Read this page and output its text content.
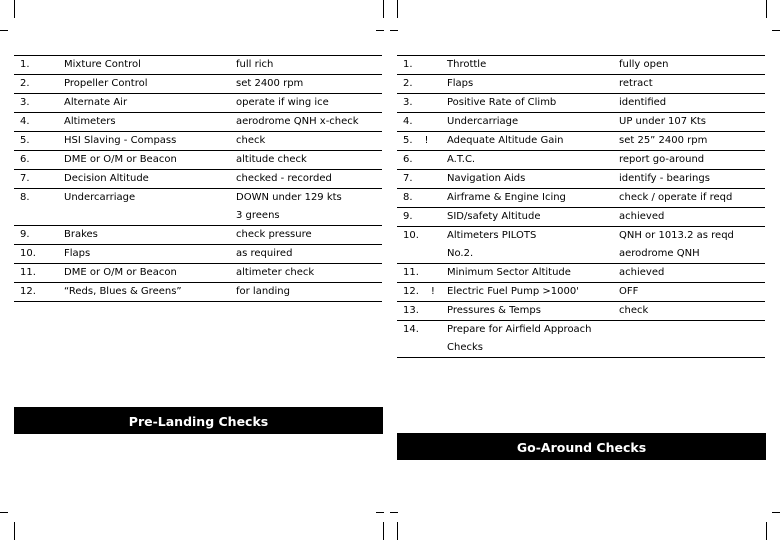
1.	Mixture Control	full rich

2.	Propeller Control	set 2400 rpm

3.	Alternate Air	operate if wing ice

4.	Altimeters	aerodrome QNH x-check

5.	HSI Slaving - Compass	check

6.	DME or O/M or Beacon	altitude check

7.	Decision Altitude	checked - recorded

8.	Undercarriage	DOWN under 129 kts
3 greens

9.	Brakes	check pressure

10.	Flaps	as required

11.	DME or O/M or Beacon	altimeter check

12.	“Reds, Blues & Greens”	for landing
Pre-Landing Checks
1.	Throttle	fully open

2.	Flaps	retract

3.	Positive Rate of Climb	identified

4.	Undercarriage	UP under 107 Kts

5. !	Adequate Altitude Gain	set 25” 2400 rpm

6.	A.T.C.	report go-around

7.	Navigation Aids	identify - bearings

8.	Airframe & Engine Icing	check / operate if reqd

9.	SID/safety Altitude	achieved

10.	Altimeters PILOTS
No.2.	QNH or 1013.2 as reqd
aerodrome QNH

11.	Minimum Sector Altitude	achieved

12. !	Electric Fuel Pump >1000'	OFF

13.	Pressures & Temps	check

14.	Prepare for Airfield Approach Checks	

Go-Around Checks
